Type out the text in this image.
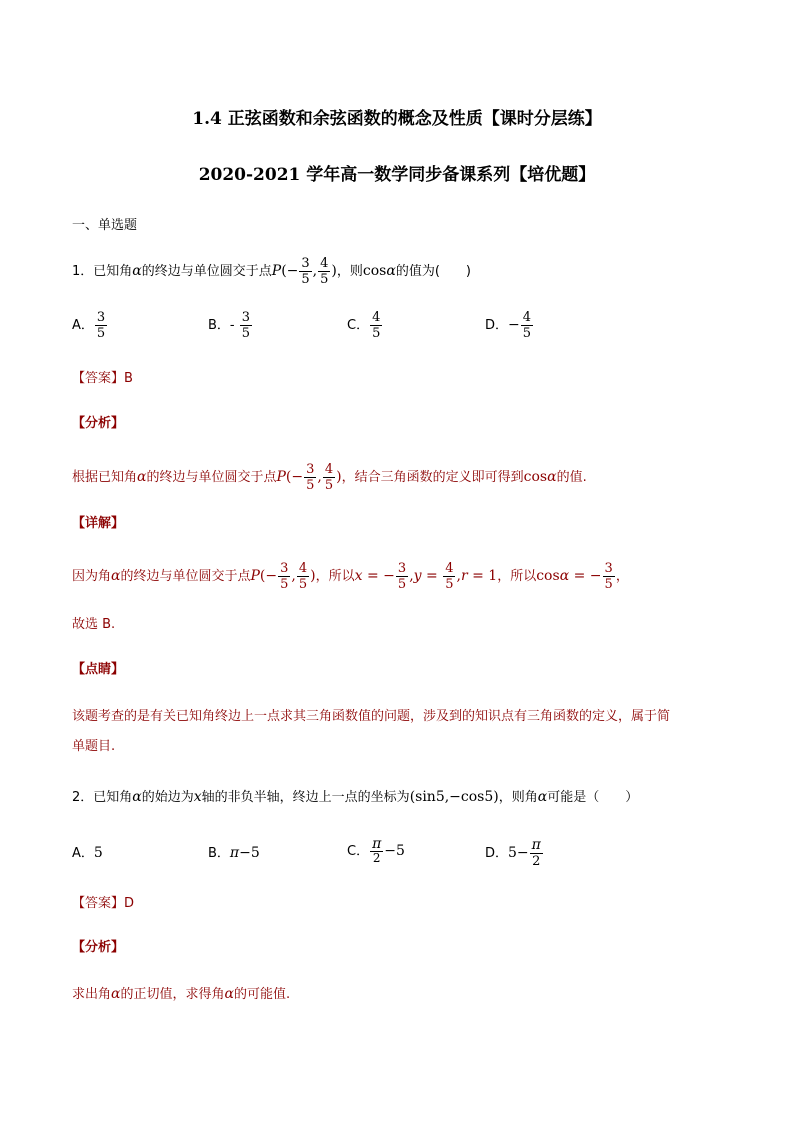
1.4 正弦函数和余弦函数的概念及性质【课时分层练】
2020-2021 学年高一数学同步备课系列【培优题】
一、单选题
1．已知角α的终边与单位圆交于点$P(- \frac{3}{5}$ , $\frac{4}{5}$ )，则cosα的值为(　　)
A． $\frac{3}{5}$	B．- $\frac{3}{5}$	C． $\frac{4}{5}$	D．− $\frac{4}{5}$
【答案】B
【分析】
根据已知角α的终边与单位圆交于点$P(- \frac{3}{5}$ , $\frac{4}{5}$ )，结合三角函数的定义即可得到cosα的值.
【详解】
因为角α的终边与单位圆交于点$P(- \frac{3}{5}$ , $\frac{4}{5}$ )，所以x = − $\frac{3}{5} ,y = \frac{4}{5} ,r = 1$，所以cosα = − $\frac{3}{5}$ ，
故选 B.
【点睛】
该题考查的是有关已知角终边上一点求其三角函数值的问题，涉及到的知识点有三角函数的定义，属于简
单题目.
2．已知角α的始边为x轴的非负半轴，终边上一点的坐标为(sin5,−cos5)，则角α可能是（　　）
A．5	B．π−5	C． $\frac{\pi}{2} -5$	D．$5- \frac{\pi}{2}$
【答案】D
【分析】
求出角α的正切值，求得角α的可能值.
